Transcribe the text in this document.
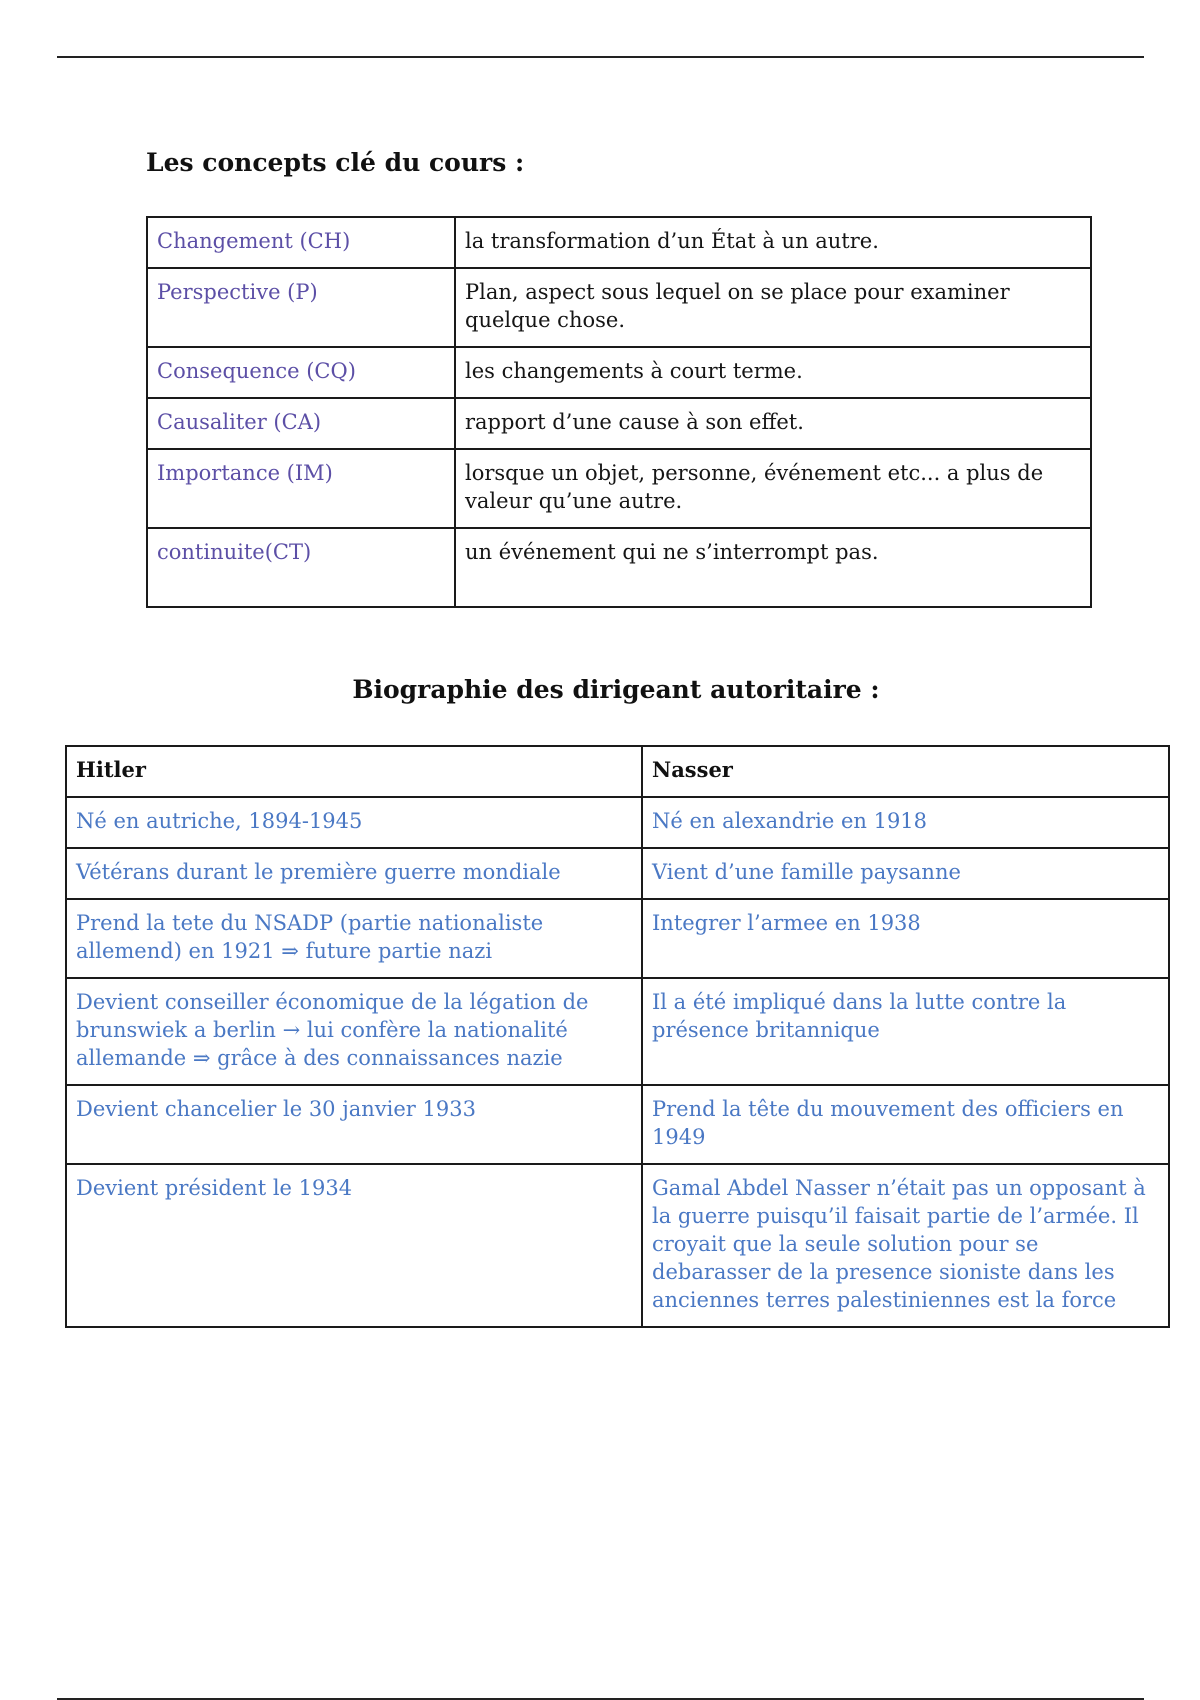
Les concepts clé du cours :
Changement (CH)	la transformation d’un État à un autre.
Perspective (P)	Plan, aspect sous lequel on se place pour examiner quelque chose.
Consequence (CQ)	les changements à court terme.
Causaliter (CA)	rapport d’une cause à son effet.
Importance (IM)	lorsque un objet, personne, événement etc... a plus de valeur qu’une autre.
continuite(CT)	un événement qui ne s’interrompt pas.
Biographie des dirigeant autoritaire :
Hitler	Nasser
Né en autriche, 1894-1945	Né en alexandrie en 1918
Vétérans durant le première guerre mondiale	Vient d’une famille paysanne
Prend la tete du NSADP (partie nationaliste allemend) en 1921 ⇒ future partie nazi	Integrer l’armee en 1938
Devient conseiller économique de la légation de brunswiek a berlin → lui confère la nationalité allemande ⇒ grâce à des connaissances nazie	Il a été impliqué dans la lutte contre la présence britannique
Devient chancelier le 30 janvier 1933	Prend la tête du mouvement des officiers en 1949
Devient président le 1934	Gamal Abdel Nasser n’était pas un opposant à la guerre puisqu’il faisait partie de l’armée. Il croyait que la seule solution pour se debarasser de la presence sioniste dans les anciennes terres palestiniennes est la force
